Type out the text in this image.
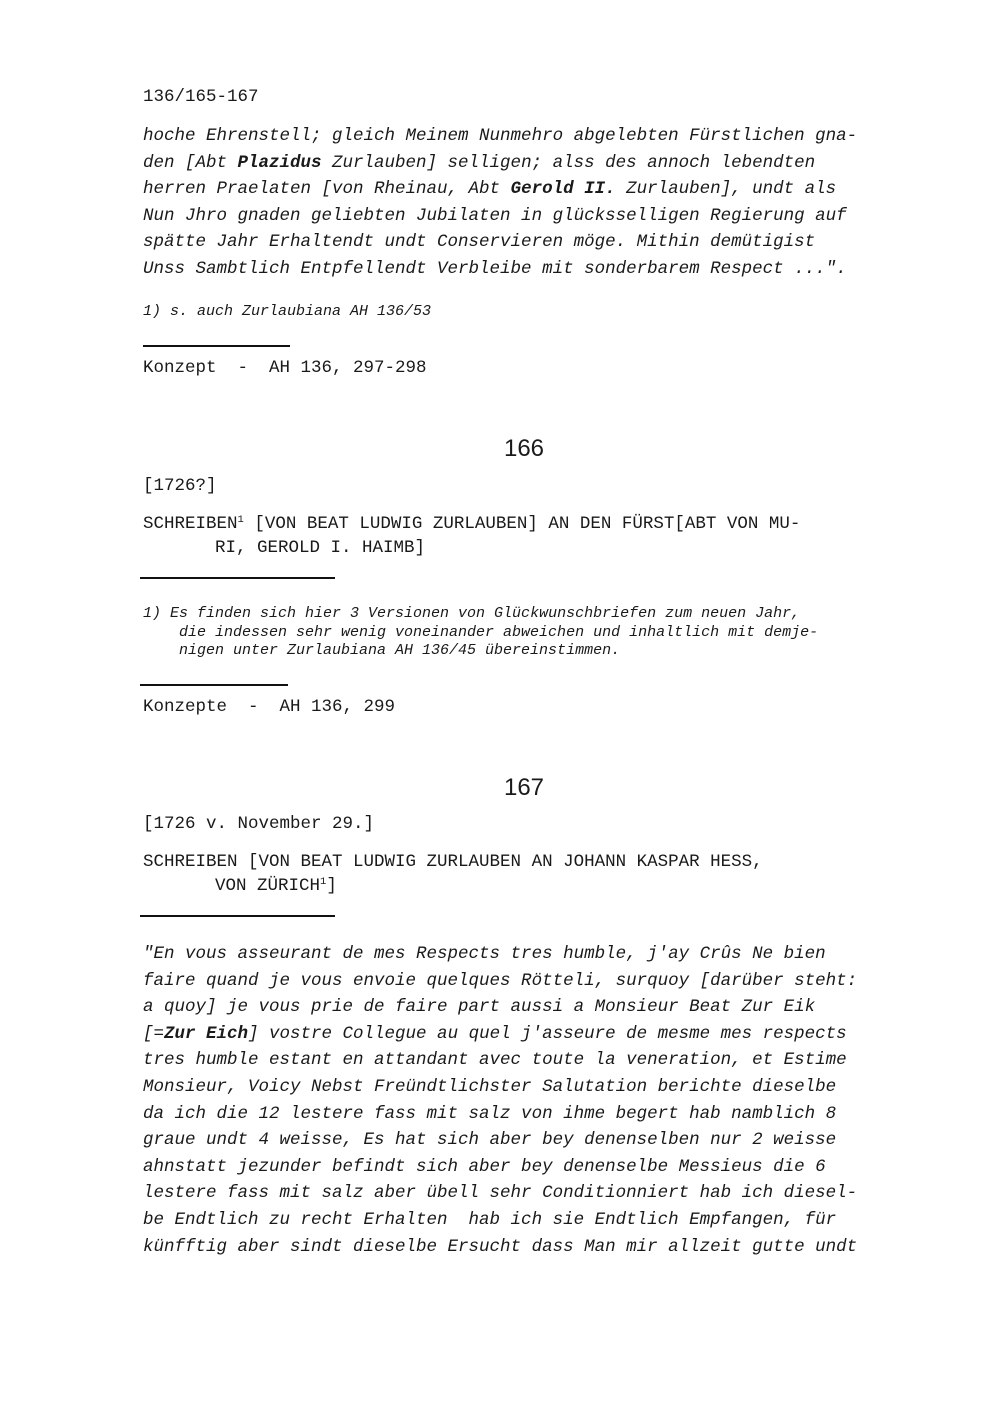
136/165-167
hoche Ehrenstell; gleich Meinem Nunmehro abgelebten Fürstlichen gna-
den [Abt Plazidus Zurlauben] selligen; alss des annoch lebendten
herren Praelaten [von Rheinau, Abt Gerold II. Zurlauben], undt als
Nun Jhro gnaden geliebten Jubilaten in glücksselligen Regierung auf
spätte Jahr Erhaltendt undt Conservieren möge. Mithin demütigist
Unss Sambtlich Entpfellendt Verbleibe mit sonderbarem Respect ...".
1) s. auch Zurlaubiana AH 136/53
Konzept  -  AH 136, 297-298
166
[1726?]
SCHREIBEN$^1$ [VON BEAT LUDWIG ZURLAUBEN] AN DEN FÜRST[ABT VON MU-
RI, GEROLD I. HAIMB]
1) Es finden sich hier 3 Versionen von Glückwunschbriefen zum neuen Jahr,
die indessen sehr wenig voneinander abweichen und inhaltlich mit demje-
nigen unter Zurlaubiana AH 136/45 übereinstimmen.
Konzepte  -  AH 136, 299
167
[1726 v. November 29.]
SCHREIBEN [VON BEAT LUDWIG ZURLAUBEN AN JOHANN KASPAR HESS,
VON ZÜRICH$^1$]
"En vous asseurant de mes Respects tres humble, j'ay Crûs Ne bien
faire quand je vous envoie quelques Rötteli, surquoy [darüber steht:
a quoy] je vous prie de faire part aussi a Monsieur Beat Zur Eik
[=Zur Eich] vostre Collegue au quel j'asseure de mesme mes respects
tres humble estant en attandant avec toute la veneration, et Estime
Monsieur, Voicy Nebst Freündtlichster Salutation berichte dieselbe
da ich die 12 lestere fass mit salz von ihme begert hab namblich 8
graue undt 4 weisse, Es hat sich aber bey denenselben nur 2 weisse
ahnstatt jezunder befindt sich aber bey denenselbe Messieus die 6
lestere fass mit salz aber übell sehr Conditionniert hab ich diesel-
be Endtlich zu recht Erhalten  hab ich sie Endtlich Empfangen, für
künfftig aber sindt dieselbe Ersucht dass Man mir allzeit gutte undt
